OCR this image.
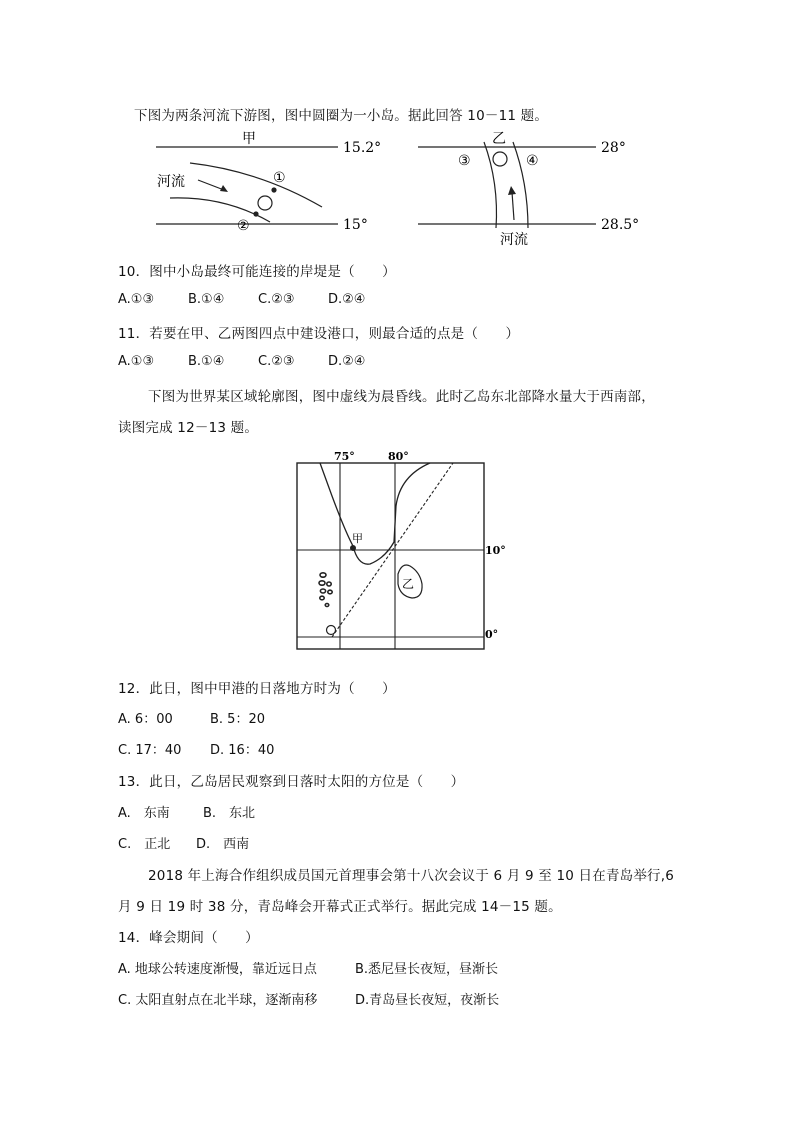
下图为两条河流下游图，图中圆圈为一小岛。据此回答 10－11 题。
甲
15.2°
15°
河流	①
②
乙
28°
28.5°
河流
③	④
10．图中小岛最终可能连接的岸堤是（　　）
A.①③	B.①④	C.②③	D.②④
11．若要在甲、乙两图四点中建设港口，则最合适的点是（　　）
A.①③	B.①④	C.②③	D.②④
下图为世界某区域轮廓图，图中虚线为晨昏线。此时乙岛东北部降水量大于西南部，
读图完成 12－13 题。
75°	80°
10°
0°
甲
乙
12．此日，图中甲港的日落地方时为（　　）
A. 6：00	B. 5：20
C. 17：40 D. 16：40
13．此日，乙岛居民观察到日落时太阳的方位是（　　）
A.　东南	B.　东北
C.　正北 D.　西南
2018 年上海合作组织成员国元首理事会第十八次会议于 6 月 9 至 10 日在青岛举行,6
月 9 日 19 时 38 分，青岛峰会开幕式正式举行。据此完成 14－15 题。
14．峰会期间（　　）
A. 地球公转速度渐慢，靠近远日点	B.悉尼昼长夜短，昼渐长
C. 太阳直射点在北半球，逐渐南移	D.青岛昼长夜短，夜渐长
